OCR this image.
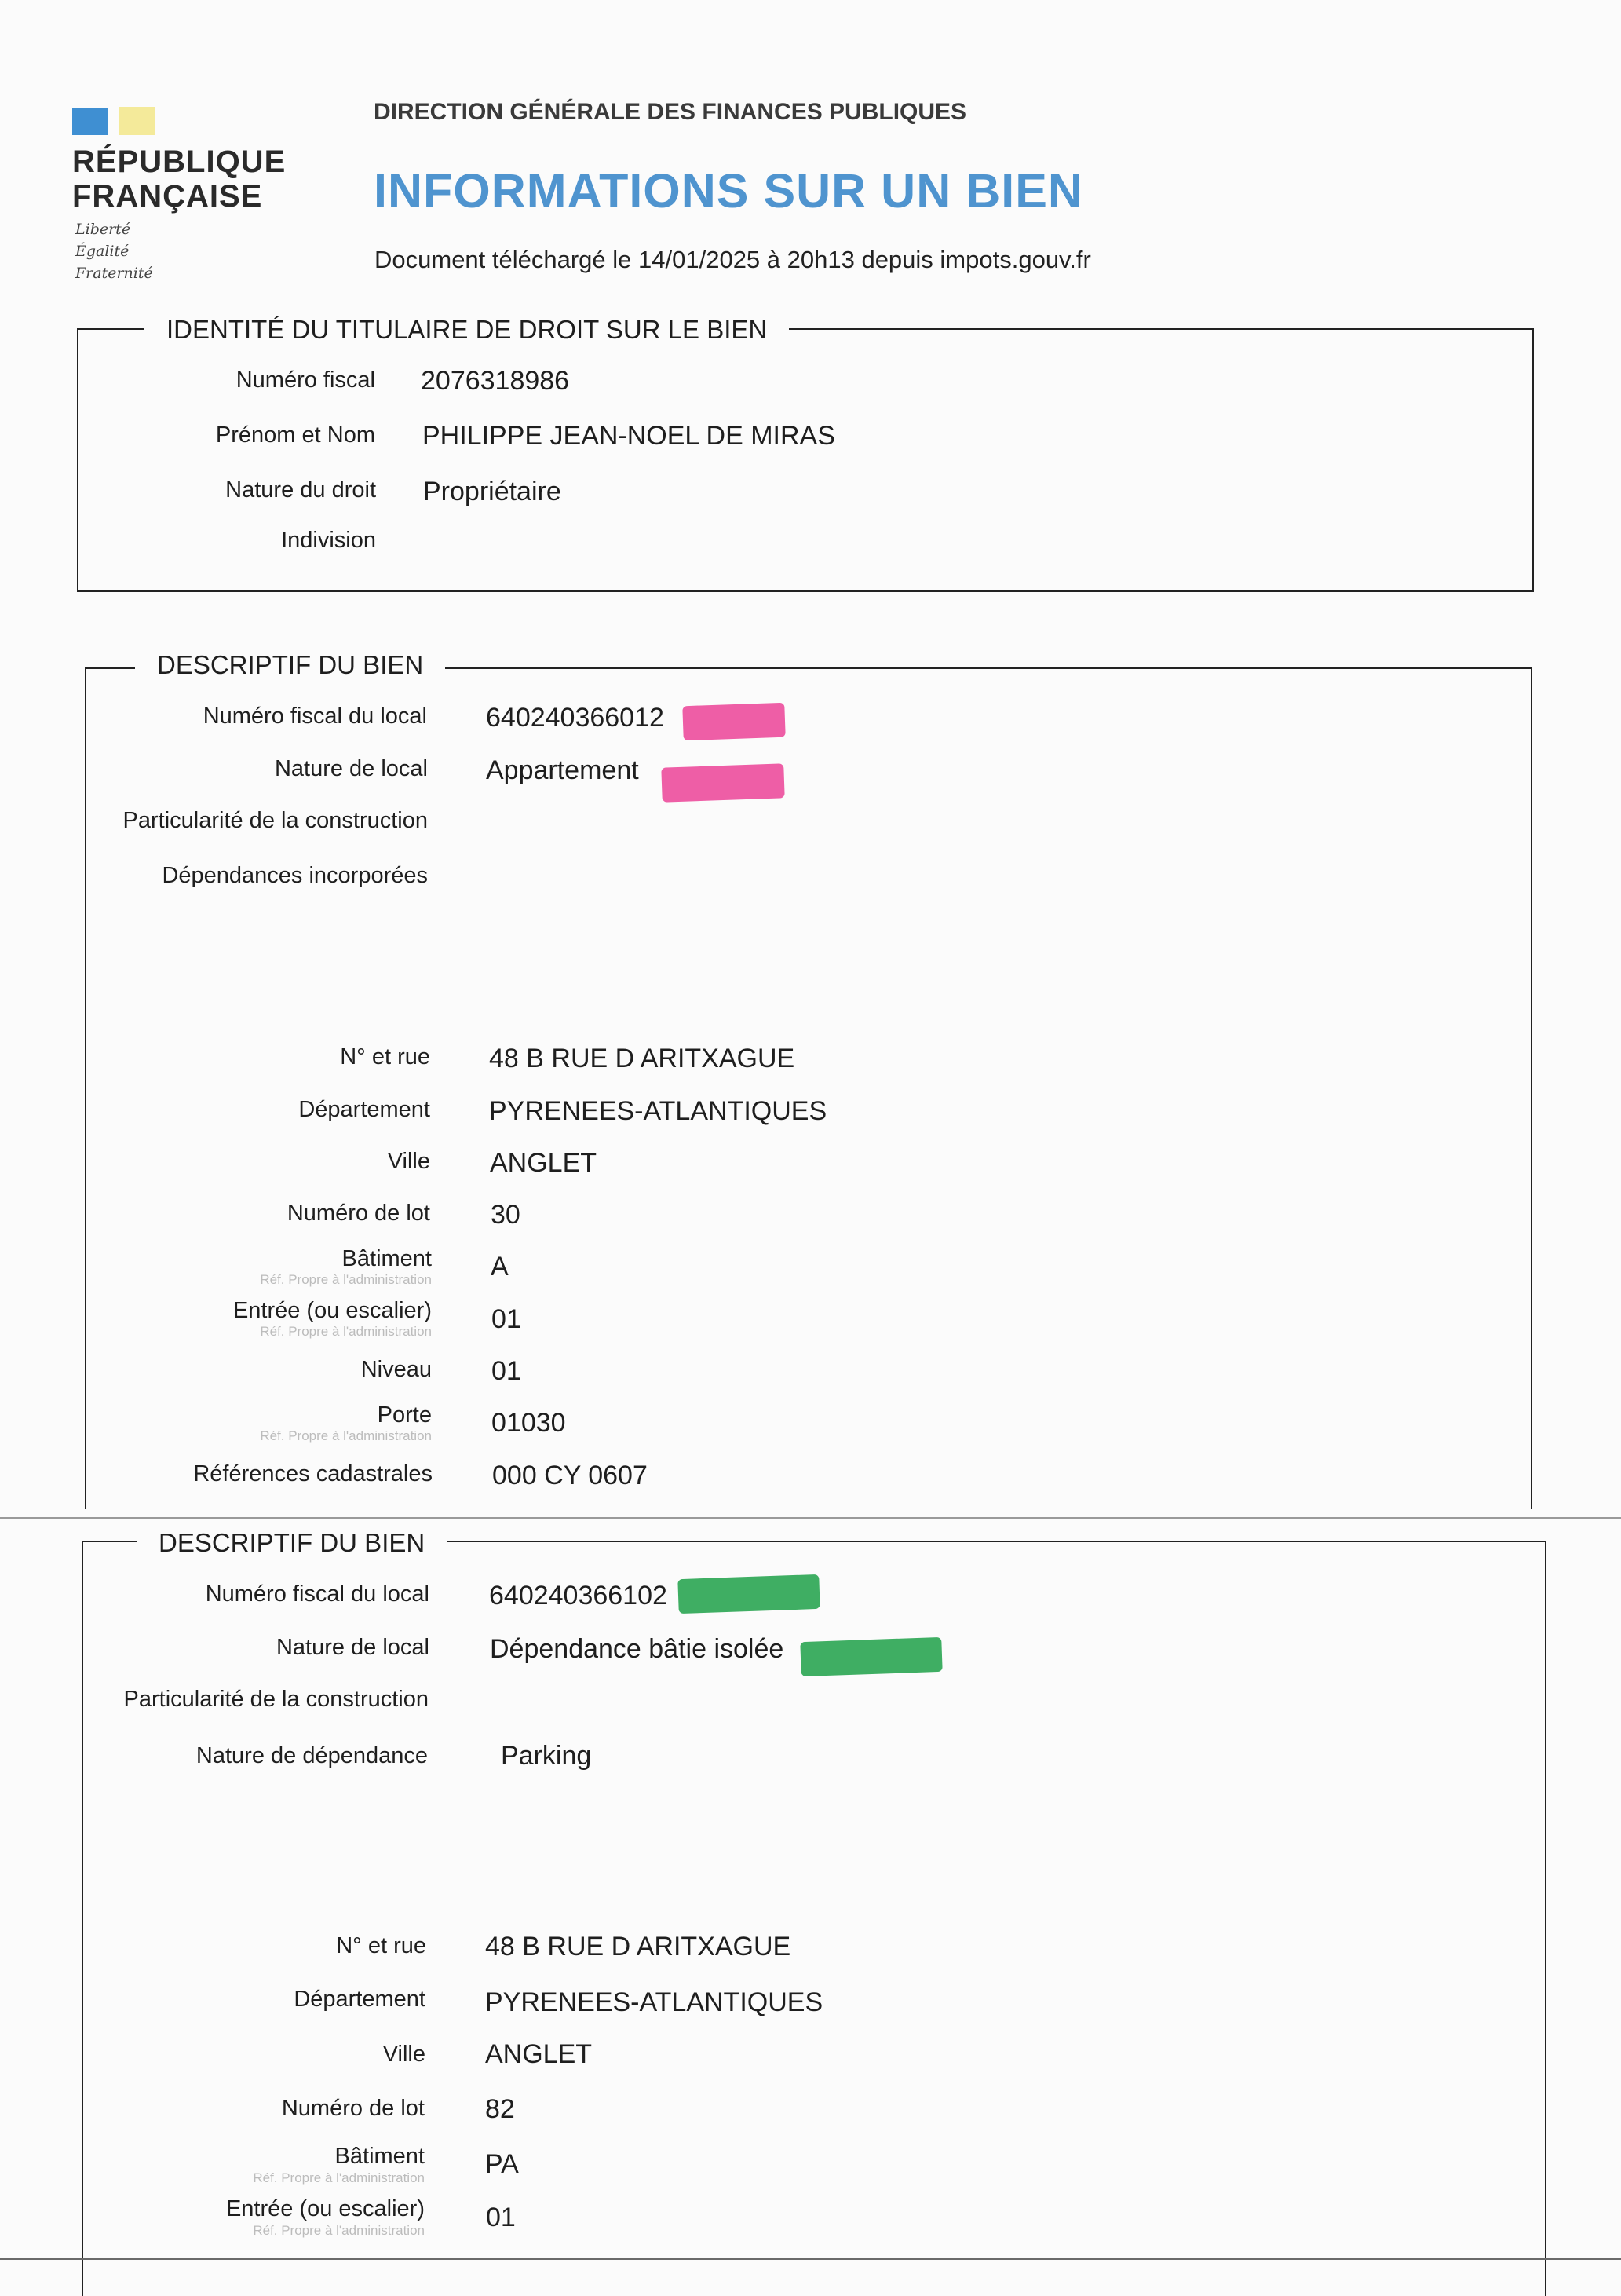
RÉPUBLIQUE
FRANÇAISE
Liberté
Égalité
Fraternité
DIRECTION GÉNÉRALE DES FINANCES PUBLIQUES
INFORMATIONS SUR UN BIEN
Document téléchargé le 14/01/2025 à 20h13 depuis impots.gouv.fr
IDENTITÉ DU TITULAIRE DE DROIT SUR LE BIEN
Numéro fiscal 2076318986
Prénom et Nom PHILIPPE JEAN-NOEL DE MIRAS
Nature du droit Propriétaire
Indivision
DESCRIPTIF DU BIEN
Numéro fiscal du local 640240366012
Nature de local Appartement
Particularité de la construction
Dépendances incorporées
N° et rue 48 B RUE D ARITXAGUE
Département PYRENEES-ATLANTIQUES
Ville ANGLET
Numéro de lot 30
Bâtiment
Réf. Propre à l'administration A
Entrée (ou escalier)
Réf. Propre à l'administration 01
Niveau 01
Porte
Réf. Propre à l'administration 01030
Références cadastrales 000 CY 0607
DESCRIPTIF DU BIEN
Numéro fiscal du local 640240366102
Nature de local Dépendance bâtie isolée
Particularité de la construction
Nature de dépendance	Parking
N° et rue 48 B RUE D ARITXAGUE
Département PYRENEES-ATLANTIQUES
Ville ANGLET
Numéro de lot 82
Bâtiment
Réf. Propre à l'administration PA
Entrée (ou escalier)
Réf. Propre à l'administration 01
